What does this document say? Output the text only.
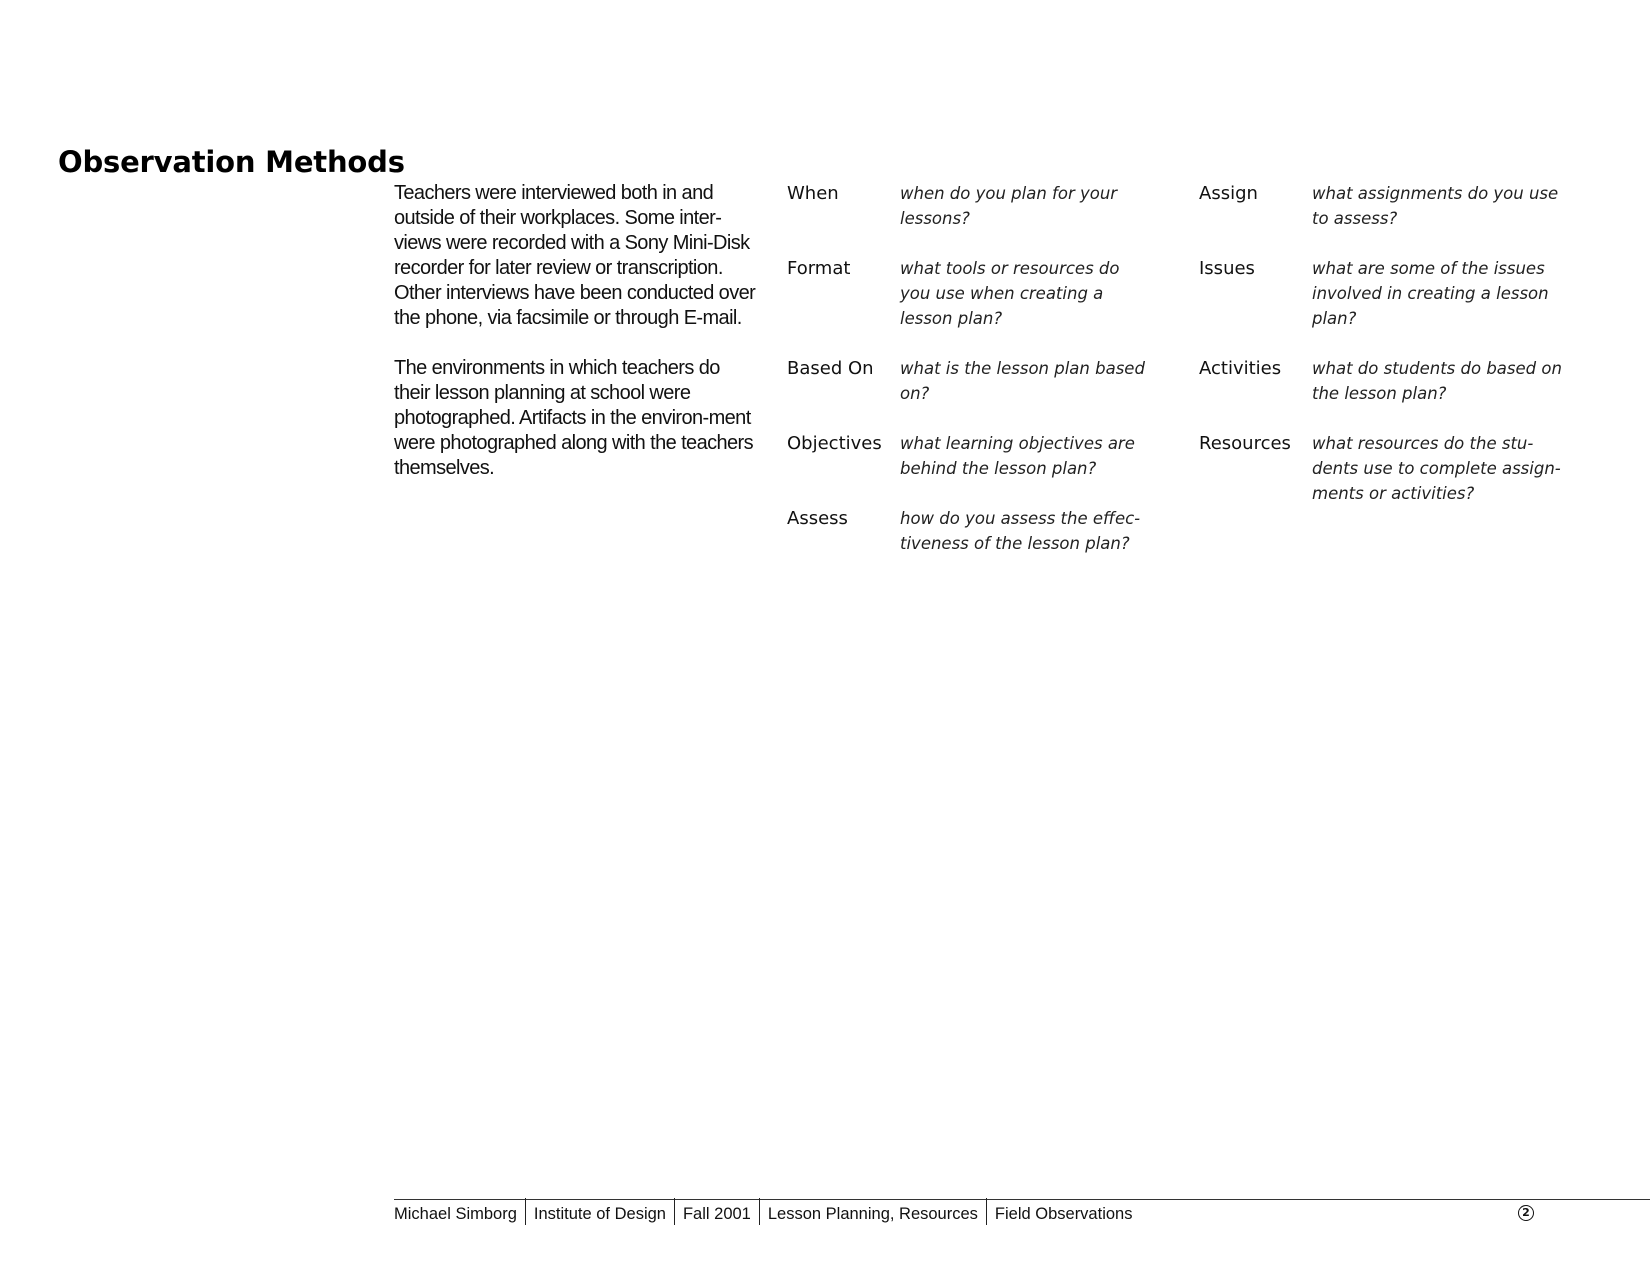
Observation Methods

Teachers were interviewed both in and outside of their workplaces. Some inter-views were recorded with a Sony Mini-Disk recorder for later review or transcription. Other interviews have been conducted over the phone, via facsimile or through E-mail.

The environments in which teachers do their lesson planning at school were photographed. Artifacts in the environ-ment were photographed along with the teachers themselves.

When	when do you plan for your lessons?
Format	what tools or resources do you use when creating a lesson plan?
Based On	what is the lesson plan based on?
Objectives	what learning objectives are behind the lesson plan?
Assess	how do you assess the effec-tiveness of the lesson plan?
Assign	what assignments do you use to assess?
Issues	what are some of the issues involved in creating a lesson plan?
Activities	what do students do based on the lesson plan?
Resources	what resources do the stu-dents use to complete assign-ments or activities?
Michael Simborg	Institute of Design	Fall 2001	Lesson Planning, Resources	Field Observations	2
